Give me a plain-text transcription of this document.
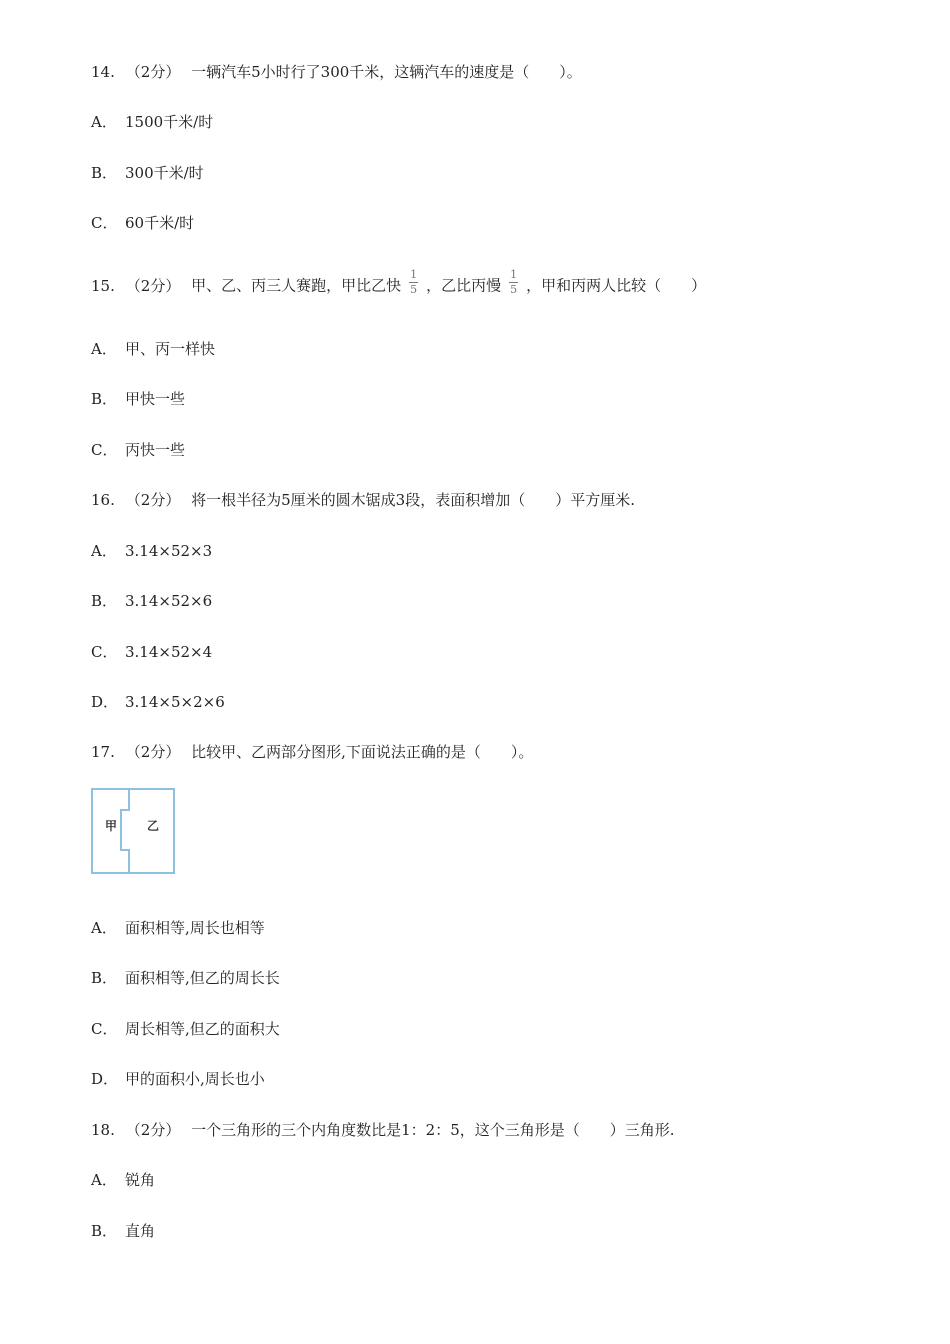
14. （2分） 一辆汽车5小时行了300千米，这辆汽车的速度是（　　）。
A． 1500千米/时
B． 300千米/时
C． 60千米/时
15. （2分） 甲、乙、丙三人赛跑，甲比乙快 $\frac{1}{5}$ ，乙比丙慢 $\frac{1}{5}$ ，甲和丙两人比较（　　）
A． 甲、丙一样快
B． 甲快一些
C． 丙快一些
16. （2分） 将一根半径为5厘米的圆木锯成3段，表面积增加（　　）平方厘米.
A． 3.14×52×3
B． 3.14×52×6
C． 3.14×52×4
D． 3.14×5×2×6
17. （2分） 比较甲、乙两部分图形,下面说法正确的是（　　）。
甲 乙
A． 面积相等,周长也相等
B． 面积相等,但乙的周长长
C． 周长相等,但乙的面积大
D． 甲的面积小,周长也小
18. （2分） 一个三角形的三个内角度数比是1：2：5，这个三角形是（　　）三角形.
A． 锐角
B． 直角
